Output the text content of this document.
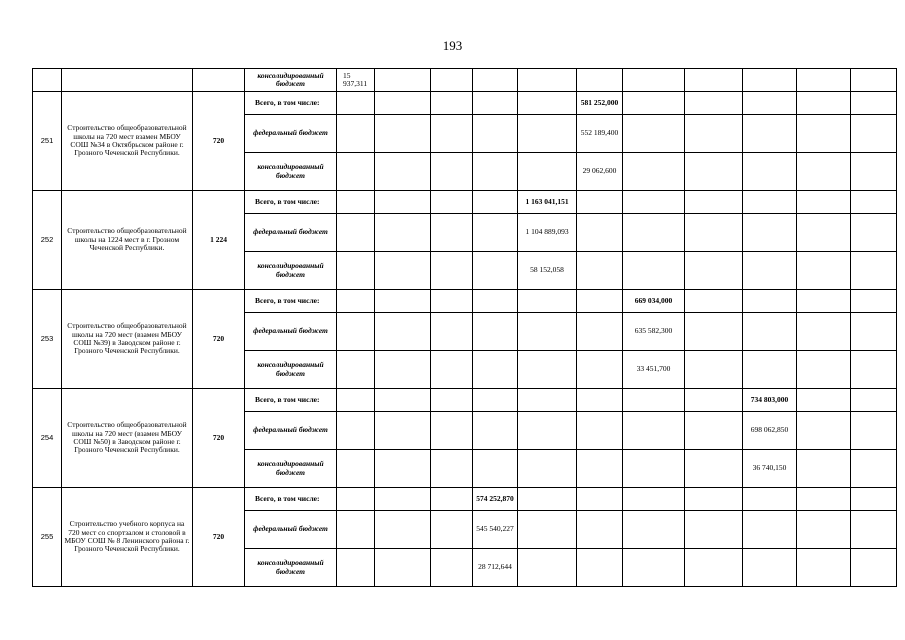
193
			консолидированный бюджет	15 937,311										
251	Строительство общеобразовательной школы на 720 мест взамен МБОУ СОШ №34 в Октябрьском районе г. Грозного Чеченской Республики.	720	Всего, в том числе:						581 252,000					
			федеральный бюджет						552 189,400					
			консолидированный бюджет						29 062,600					
252	Строительство общеобразовательной школы на 1224 мест в г. Грозном Чеченской Республики.	1 224	Всего, в том числе:					1 163 041,151						
			федеральный бюджет					1 104 889,093						
			консолидированный бюджет					58 152,058						
253	Строительство общеобразовательной школы на 720 мест (взамен МБОУ СОШ №39) в Заводском районе г. Грозного Чеченской Республики.	720	Всего, в том числе:							669 034,000				
			федеральный бюджет							635 582,300				
			консолидированный бюджет							33 451,700				
254	Строительство общеобразовательной школы на 720 мест (взамен МБОУ СОШ №50) в Заводском районе г. Грозного Чеченской Республики.	720	Всего, в том числе:									734 803,000		
			федеральный бюджет									698 062,850		
			консолидированный бюджет									36 740,150		
255	Строительство учебного корпуса на 720 мест со спортзалом и столовой в МБОУ СОШ № 8 Ленинского района г. Грозного Чеченской Республики.	720	Всего, в том числе:				574 252,870							
			федеральный бюджет				545 540,227							
			консолидированный бюджет				28 712,644							
